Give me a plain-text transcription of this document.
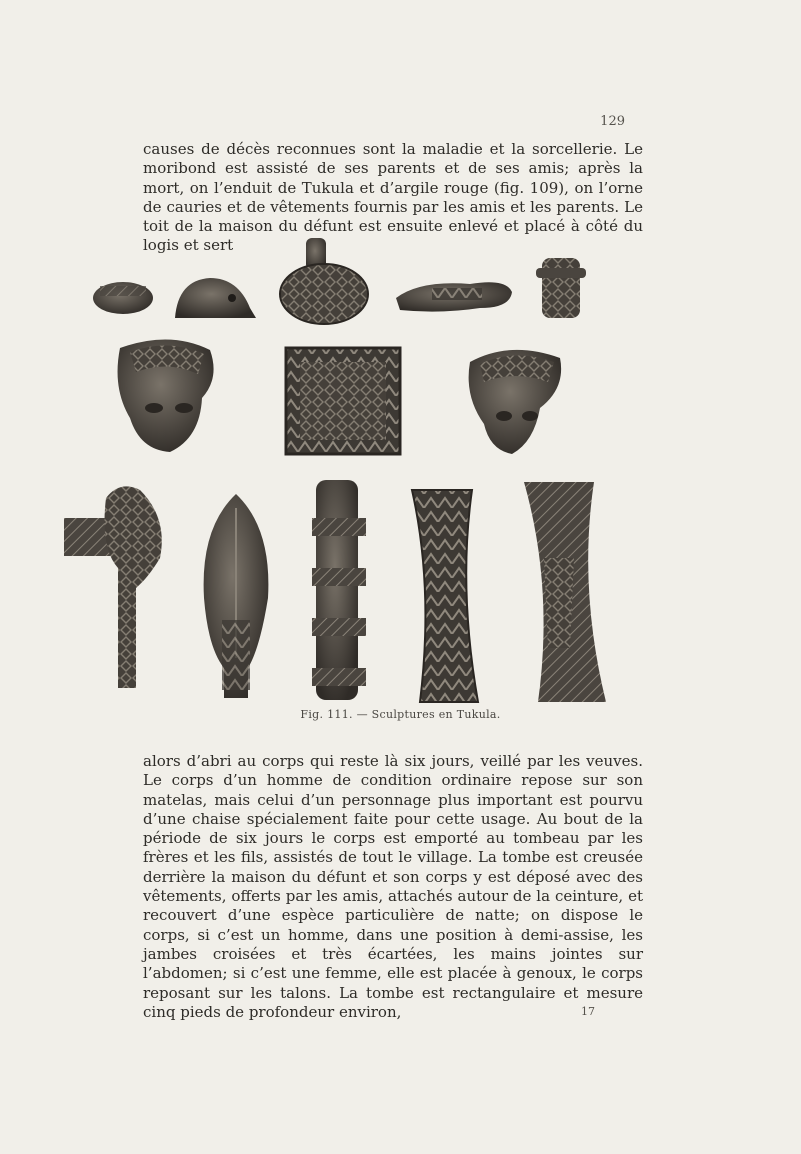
129

causes de décès reconnues sont la maladie et la sorcellerie. Le moribond est assisté de ses parents et de ses amis; après la mort, on l’enduit de Tukula et d’argile rouge (fig. 109), on l’orne de cauries et de vêtements fournis par les amis et les parents. Le toit de la maison du défunt est ensuite enlevé et placé à côté du logis et sert

Fig. 111. — Sculptures en Tukula.

alors d’abri au corps qui reste là six jours, veillé par les veuves. Le corps d’un homme de condition ordinaire repose sur son matelas, mais celui d’un personnage plus important est pourvu d’une chaise spécialement faite pour cette usage. Au bout de la période de six jours le corps est emporté au tombeau par les frères et les fils, assistés de tout le village. La tombe est creusée derrière la maison du défunt et son corps y est déposé avec des vêtements, offerts par les amis, attachés autour de la ceinture, et recouvert d’une espèce particulière de natte; on dispose le corps, si c’est un homme, dans une position à demi-assise, les jambes croisées et très écartées, les mains jointes sur l’abdomen; si c’est une femme, elle est placée à genoux, le corps reposant sur les talons. La tombe est rectangulaire et mesure cinq pieds de profondeur environ,	17
